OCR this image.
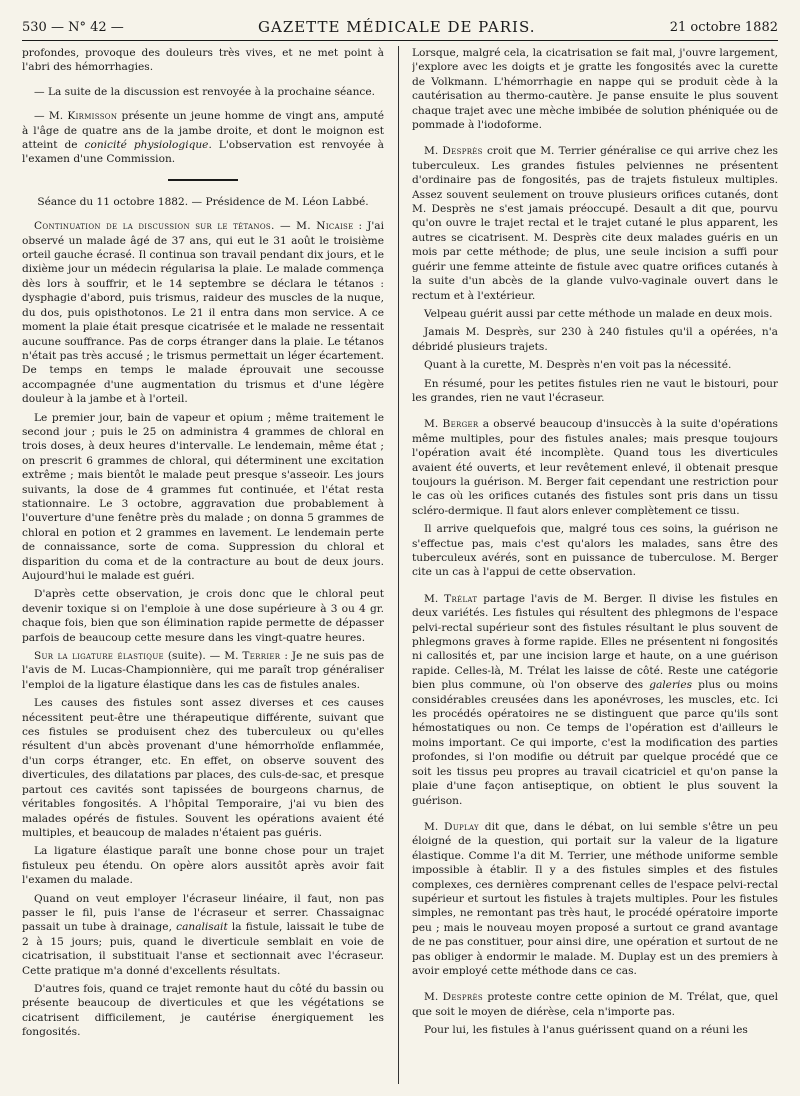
530 — N° 42 —	GAZETTE MÉDICALE DE PARIS.	21 octobre 1882

profondes, provoque des douleurs très vives, et ne met point à l'abri des hémorrhagies.

— La suite de la discussion est renvoyée à la prochaine séance.

— M. Kirmisson présente un jeune homme de vingt ans, amputé à l'âge de quatre ans de la jambe droite, et dont le moignon est atteint de conicité physiologique. L'observation est renvoyée à l'examen d'une Commission.

Séance du 11 octobre 1882. — Présidence de M. Léon Labbé.

Continuation de la discussion sur le tétanos. — M. Nicaise : J'ai observé un malade âgé de 37 ans, qui eut le 31 août le troisième orteil gauche écrasé. Il continua son travail pendant dix jours, et le dixième jour un médecin régularisa la plaie. Le malade commença dès lors à souffrir, et le 14 septembre se déclara le tétanos : dysphagie d'abord, puis trismus, raideur des muscles de la nuque, du dos, puis opisthotonos. Le 21 il entra dans mon service. A ce moment la plaie était presque cicatrisée et le malade ne ressentait aucune souffrance. Pas de corps étranger dans la plaie. Le tétanos n'était pas très accusé ; le trismus permettait un léger écartement. De temps en temps le malade éprouvait une secousse accompagnée d'une augmentation du trismus et d'une légère douleur à la jambe et à l'orteil.

Le premier jour, bain de vapeur et opium ; même traitement le second jour ; puis le 25 on administra 4 grammes de chloral en trois doses, à deux heures d'intervalle. Le lendemain, même état ; on prescrit 6 grammes de chloral, qui déterminent une excitation extrême ; mais bientôt le malade peut presque s'asseoir. Les jours suivants, la dose de 4 grammes fut continuée, et l'état resta stationnaire. Le 3 octobre, aggravation due probablement à l'ouverture d'une fenêtre près du malade ; on donna 5 grammes de chloral en potion et 2 grammes en lavement. Le lendemain perte de connaissance, sorte de coma. Suppression du chloral et disparition du coma et de la contracture au bout de deux jours. Aujourd'hui le malade est guéri.

D'après cette observation, je crois donc que le chloral peut devenir toxique si on l'emploie à une dose supérieure à 3 ou 4 gr. chaque fois, bien que son élimination rapide permette de dépasser parfois de beaucoup cette mesure dans les vingt-quatre heures.

Sur la ligature élastique (suite). — M. Terrier : Je ne suis pas de l'avis de M. Lucas-Championnière, qui me paraît trop généraliser l'emploi de la ligature élastique dans les cas de fistules anales.

Les causes des fistules sont assez diverses et ces causes nécessitent peut-être une thérapeutique différente, suivant que ces fistules se produisent chez des tuberculeux ou qu'elles résultent d'un abcès provenant d'une hémorrhoïde enflammée, d'un corps étranger, etc. En effet, on observe souvent des diverticules, des dilatations par places, des culs-de-sac, et presque partout ces cavités sont tapissées de bourgeons charnus, de véritables fongosités. A l'hôpital Temporaire, j'ai vu bien des malades opérés de fistules. Souvent les opérations avaient été multiples, et beaucoup de malades n'étaient pas guéris.

La ligature élastique paraît une bonne chose pour un trajet fistuleux peu étendu. On opère alors aussitôt après avoir fait l'examen du malade.

Quand on veut employer l'écraseur linéaire, il faut, non pas passer le fil, puis l'anse de l'écraseur et serrer. Chassaignac passait un tube à drainage, canalisait la fistule, laissait le tube de 2 à 15 jours; puis, quand le diverticule semblait en voie de cicatrisation, il substituait l'anse et sectionnait avec l'écraseur. Cette pratique m'a donné d'excellents résultats.

D'autres fois, quand ce trajet remonte haut du côté du bassin ou présente beaucoup de diverticules et que les végétations se cicatrisent difficilement, je cautérise énergiquement les fongosités.

Lorsque, malgré cela, la cicatrisation se fait mal, j'ouvre largement, j'explore avec les doigts et je gratte les fongosités avec la curette de Volkmann. L'hémorrhagie en nappe qui se produit cède à la cautérisation au thermo-cautère. Je panse ensuite le plus souvent chaque trajet avec une mèche imbibée de solution phéniquée ou de pommade à l'iodoforme.

M. Desprès croit que M. Terrier généralise ce qui arrive chez les tuberculeux. Les grandes fistules pelviennes ne présentent d'ordinaire pas de fongosités, pas de trajets fistuleux multiples. Assez souvent seulement on trouve plusieurs orifices cutanés, dont M. Desprès ne s'est jamais préoccupé. Desault a dit que, pourvu qu'on ouvre le trajet rectal et le trajet cutané le plus apparent, les autres se cicatrisent. M. Desprès cite deux malades guéris en un mois par cette méthode; de plus, une seule incision a suffi pour guérir une femme atteinte de fistule avec quatre orifices cutanés à la suite d'un abcès de la glande vulvo-vaginale ouvert dans le rectum et à l'extérieur.

Velpeau guérit aussi par cette méthode un malade en deux mois.

Jamais M. Desprès, sur 230 à 240 fistules qu'il a opérées, n'a débridé plusieurs trajets.

Quant à la curette, M. Desprès n'en voit pas la nécessité.

En résumé, pour les petites fistules rien ne vaut le bistouri, pour les grandes, rien ne vaut l'écraseur.

M. Berger a observé beaucoup d'insuccès à la suite d'opérations même multiples, pour des fistules anales; mais presque toujours l'opération avait été incomplète. Quand tous les diverticules avaient été ouverts, et leur revêtement enlevé, il obtenait presque toujours la guérison. M. Berger fait cependant une restriction pour le cas où les orifices cutanés des fistules sont pris dans un tissu scléro-dermique. Il faut alors enlever complètement ce tissu.

Il arrive quelquefois que, malgré tous ces soins, la guérison ne s'effectue pas, mais c'est qu'alors les malades, sans être des tuberculeux avérés, sont en puissance de tuberculose. M. Berger cite un cas à l'appui de cette observation.

M. Trélat partage l'avis de M. Berger. Il divise les fistules en deux variétés. Les fistules qui résultent des phlegmons de l'espace pelvi-rectal supérieur sont des fistules résultant le plus souvent de phlegmons graves à forme rapide. Elles ne présentent ni fongosités ni callosités et, par une incision large et haute, on a une guérison rapide. Celles-là, M. Trélat les laisse de côté. Reste une catégorie bien plus commune, où l'on observe des galeries plus ou moins considérables creusées dans les aponévroses, les muscles, etc. Ici les procédés opératoires ne se distinguent que parce qu'ils sont hémostatiques ou non. Ce temps de l'opération est d'ailleurs le moins important. Ce qui importe, c'est la modification des parties profondes, si l'on modifie ou détruit par quelque procédé que ce soit les tissus peu propres au travail cicatriciel et qu'on panse la plaie d'une façon antiseptique, on obtient le plus souvent la guérison.

M. Duplay dit que, dans le débat, on lui semble s'être un peu éloigné de la question, qui portait sur la valeur de la ligature élastique. Comme l'a dit M. Terrier, une méthode uniforme semble impossible à établir. Il y a des fistules simples et des fistules complexes, ces dernières comprenant celles de l'espace pelvi-rectal supérieur et surtout les fistules à trajets multiples. Pour les fistules simples, ne remontant pas très haut, le procédé opératoire importe peu ; mais le nouveau moyen proposé a surtout ce grand avantage de ne pas constituer, pour ainsi dire, une opération et surtout de ne pas obliger à endormir le malade. M. Duplay est un des premiers à avoir employé cette méthode dans ce cas.

M. Desprès proteste contre cette opinion de M. Trélat, que, quel que soit le moyen de diérèse, cela n'importe pas.

Pour lui, les fistules à l'anus guérissent quand on a réuni les
